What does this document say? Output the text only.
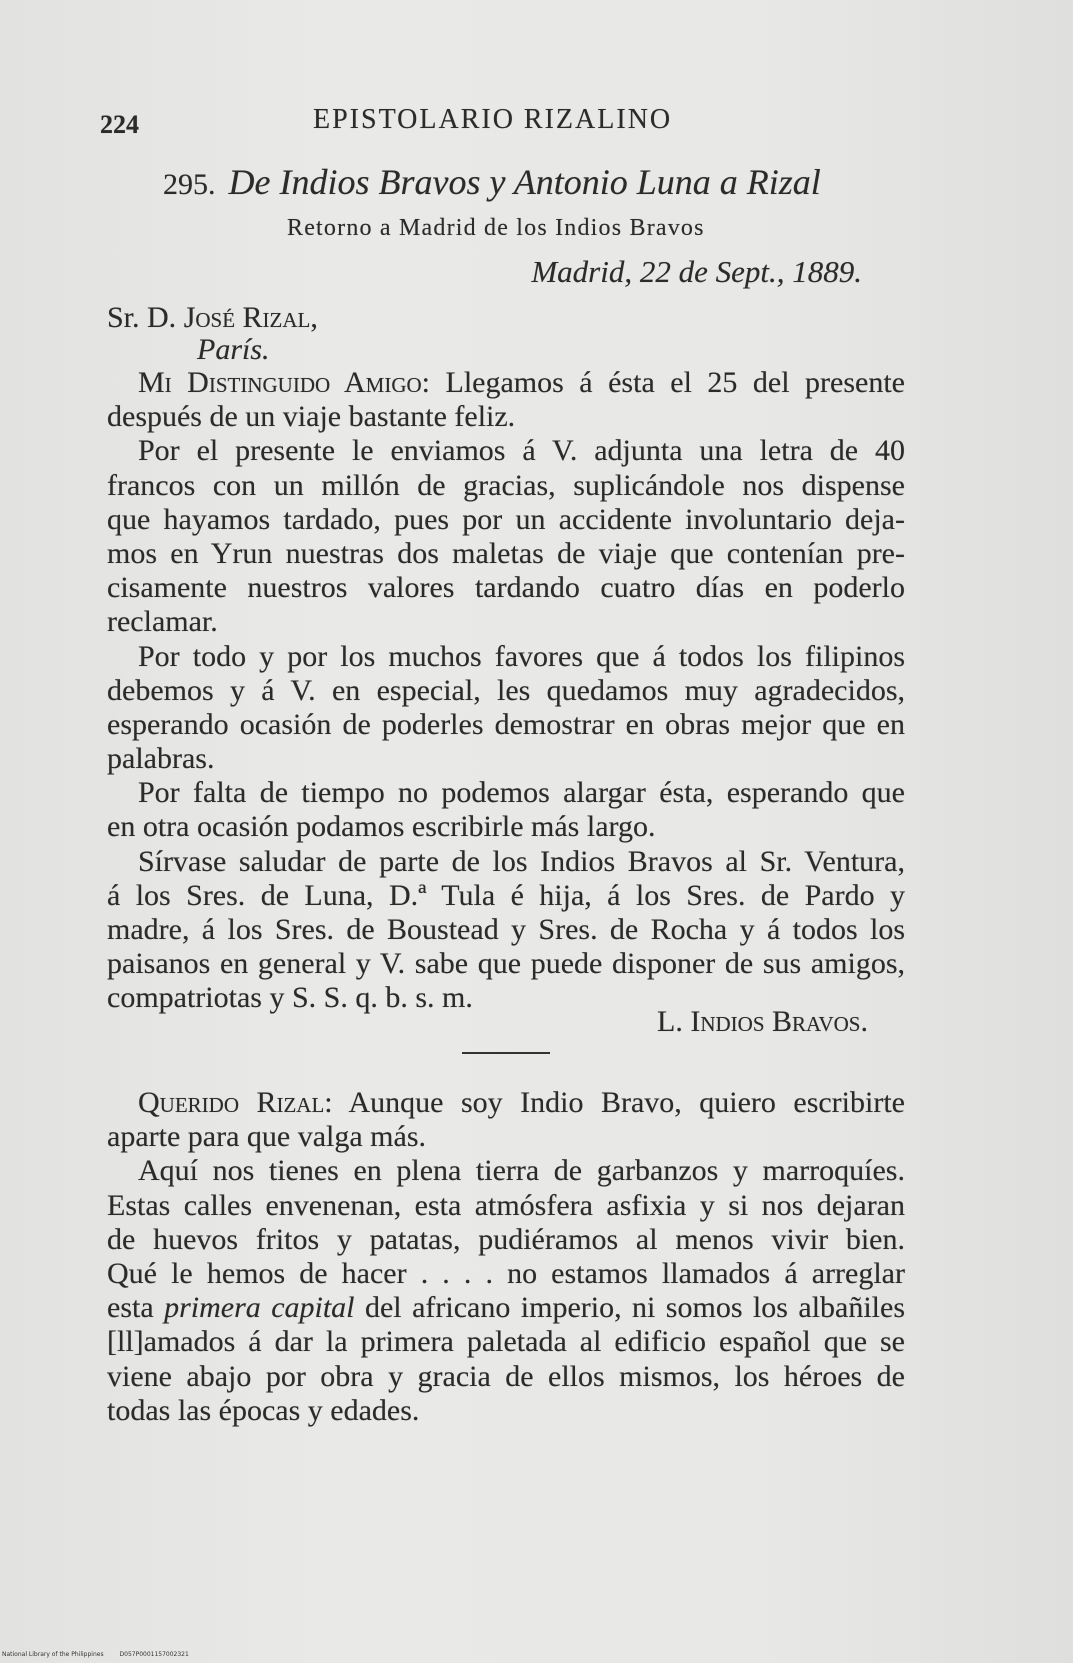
224	EPISTOLARIO RIZALINO
295. De Indios Bravos y Antonio Luna a Rizal
Retorno a Madrid de los Indios Bravos
Madrid, 22 de Sept., 1889.
Sr. D. José Rizal,
París.
Mi Distinguido Amigo: Llegamos á ésta el 25 del presente
después de un viaje bastante feliz.
Por el presente le enviamos á V. adjunta una letra de 40
francos con un millón de gracias, suplicándole nos dispense
que hayamos tardado, pues por un accidente involuntario deja-
mos en Yrun nuestras dos maletas de viaje que contenían pre-
cisamente nuestros valores tardando cuatro días en poderlo
reclamar.
Por todo y por los muchos favores que á todos los filipinos
debemos y á V. en especial, les quedamos muy agradecidos,
esperando ocasión de poderles demostrar en obras mejor que en
palabras.
Por falta de tiempo no podemos alargar ésta, esperando que
en otra ocasión podamos escribirle más largo.
Sírvase saludar de parte de los Indios Bravos al Sr. Ventura,
á los Sres. de Luna, D.ª Tula é hija, á los Sres. de Pardo y
madre, á los Sres. de Boustead y Sres. de Rocha y á todos los
paisanos en general y V. sabe que puede disponer de sus amigos,
compatriotas y S. S. q. b. s. m.
L. Indios Bravos.
Querido Rizal: Aunque soy Indio Bravo, quiero escribirte
aparte para que valga más.
Aquí nos tienes en plena tierra de garbanzos y marroquíes.
Estas calles envenenan, esta atmósfera asfixia y si nos dejaran
de huevos fritos y patatas, pudiéramos al menos vivir bien.
Qué le hemos de hacer . . . . no estamos llamados á arreglar
esta primera capital del africano imperio, ni somos los albañiles
[ll]amados á dar la primera paletada al edificio español que se
viene abajo por obra y gracia de ellos mismos, los héroes de
todas las épocas y edades.
National Library of the Philippines	D057P0001157002321
